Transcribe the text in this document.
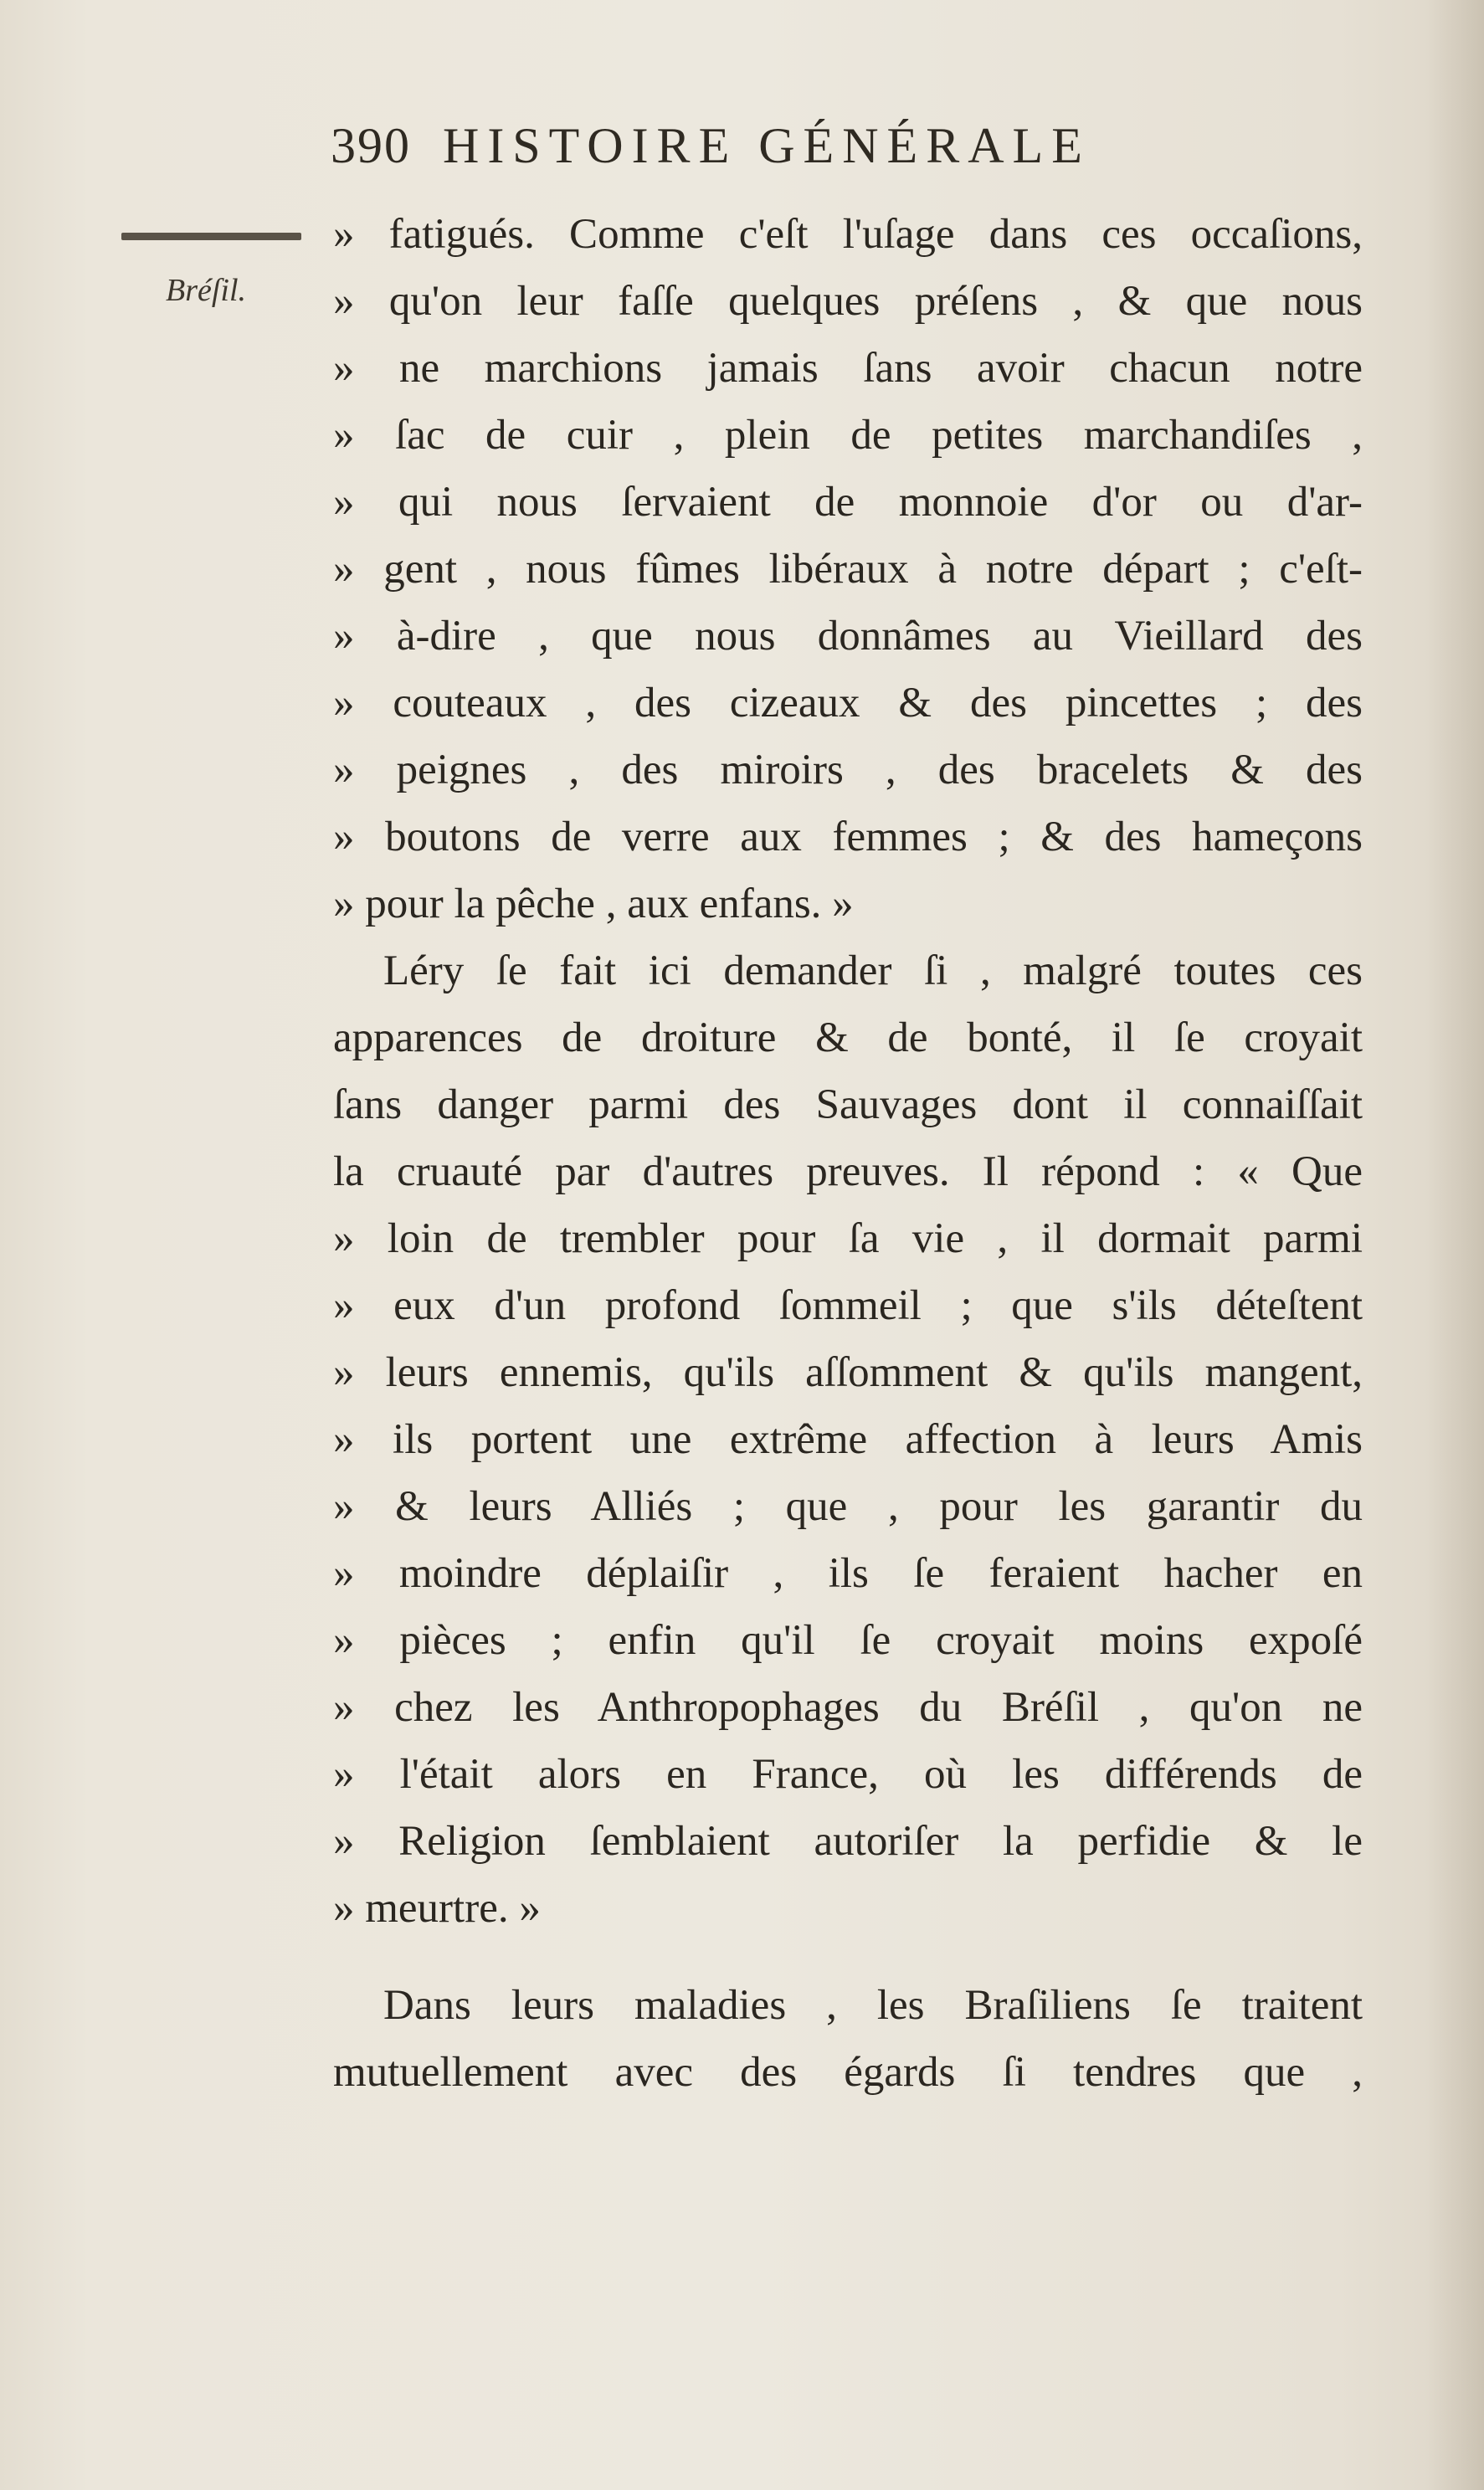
390 HISTOIRE GÉNÉRALE
Bréſil.
» fatigués. Comme c'eſt l'uſage dans ces occaſions,
» qu'on leur faſſe quelques préſens , & que nous
» ne marchions jamais ſans avoir chacun notre
» ſac de cuir , plein de petites marchandiſes ,
» qui nous ſervaient de monnoie d'or ou d'ar-
» gent , nous fûmes libéraux à notre départ ; c'eſt-
» à-dire , que nous donnâmes au Vieillard des
» couteaux , des cizeaux & des pincettes ; des
» peignes , des miroirs , des bracelets & des
» boutons de verre aux femmes ; & des hameçons
» pour la pêche , aux enfans. »
Léry ſe fait ici demander ſi , malgré toutes ces
apparences de droiture & de bonté, il ſe croyait
ſans danger parmi des Sauvages dont il connaiſſait
la cruauté par d'autres preuves. Il répond : « Que
» loin de trembler pour ſa vie , il dormait parmi
» eux d'un profond ſommeil ; que s'ils déteſtent
» leurs ennemis, qu'ils aſſomment & qu'ils mangent,
» ils portent une extrême affection à leurs Amis
» & leurs Alliés ; que , pour les garantir du
» moindre déplaiſir , ils ſe feraient hacher en
» pièces ; enfin qu'il ſe croyait moins expoſé
» chez les Anthropophages du Bréſil , qu'on ne
» l'était alors en France, où les différends de
» Religion ſemblaient autoriſer la perfidie & le
» meurtre. »
Dans leurs maladies , les Braſiliens ſe traitent
mutuellement avec des égards ſi tendres que ,
